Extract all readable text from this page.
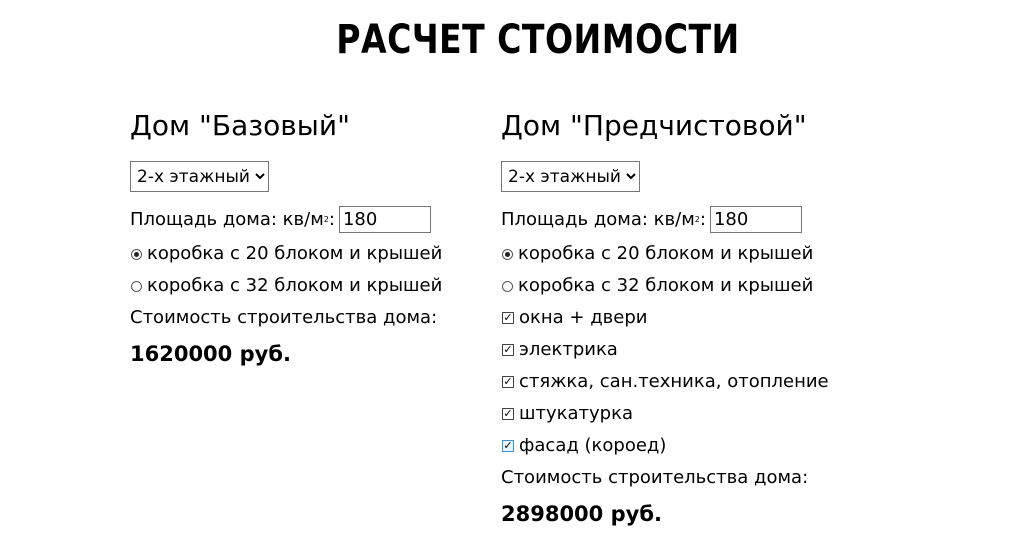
РАСЧЕТ СТОИМОСТИ
Дом "Базовый"
2-х этажный
Площадь дома: кв/м 2 :
180
коробка с 20 блоком и крышей
коробка с 32 блоком и крышей
Стоимость строительства дома:
1620000 руб.
Дом "Предчистовой"
2-х этажный
Площадь дома: кв/м 2 :
180
коробка с 20 блоком и крышей
коробка с 32 блоком и крышей
✓ окна + двери
✓ электрика
✓ стяжка, сан.техника, отопление
✓ штукатурка
✓ фасад (короед)
Стоимость строительства дома:
2898000 руб.
